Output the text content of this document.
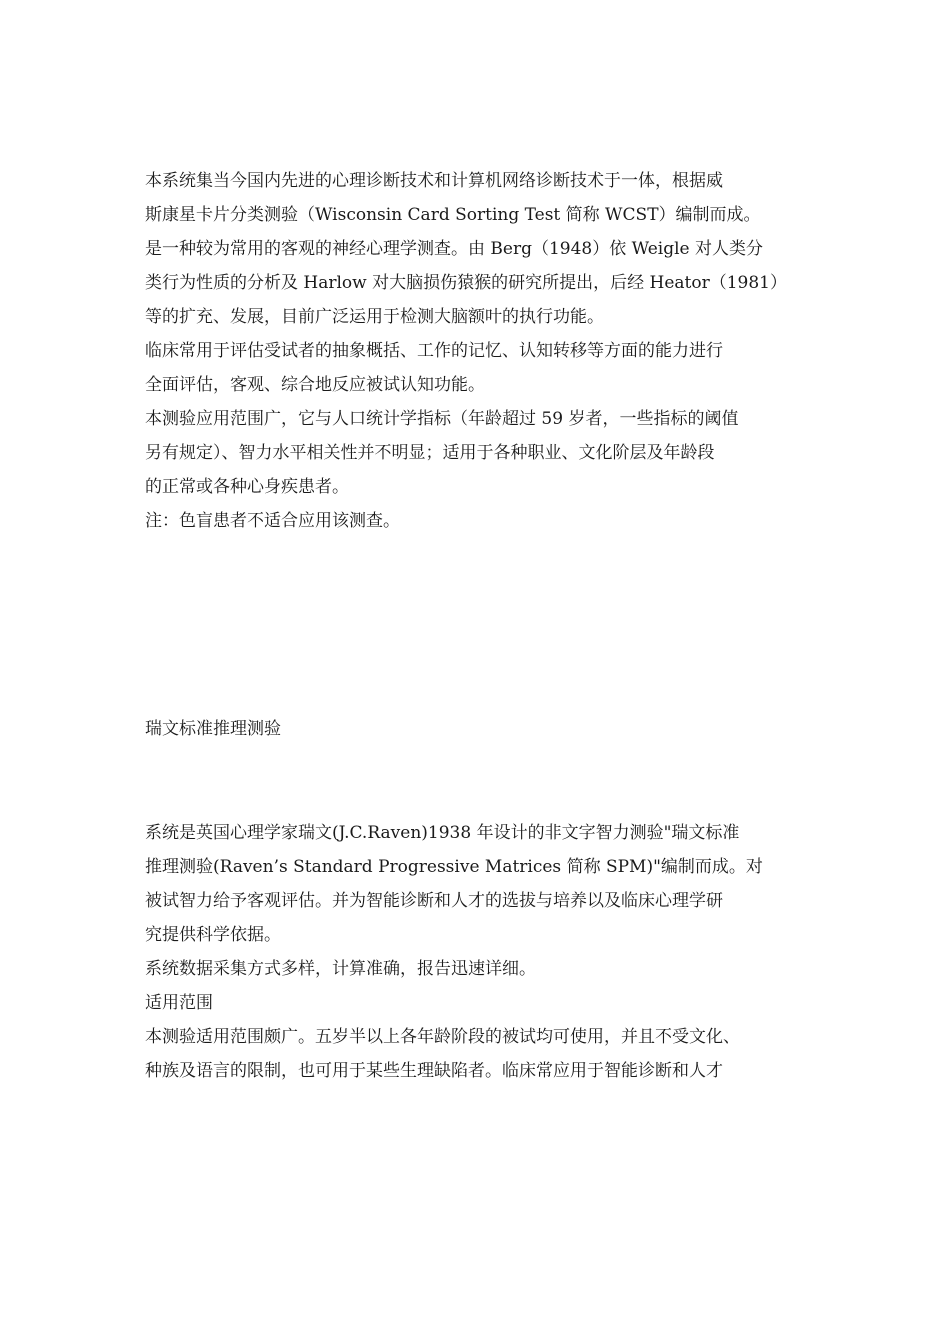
本系统集当今国内先进的心理诊断技术和计算机网络诊断技术于一体，根据威
斯康星卡片分类测验（Wisconsin Card Sorting Test 简称 WCST）编制而成。
是一种较为常用的客观的神经心理学测查。由 Berg（1948）依 Weigle 对人类分
类行为性质的分析及 Harlow 对大脑损伤猿猴的研究所提出，后经 Heator（1981）
等的扩充、发展，目前广泛运用于检测大脑额叶的执行功能。
临床常用于评估受试者的抽象概括、工作的记忆、认知转移等方面的能力进行
全面评估，客观、综合地反应被试认知功能。
本测验应用范围广，它与人口统计学指标（年龄超过 59 岁者，一些指标的阈值
另有规定）、智力水平相关性并不明显；适用于各种职业、文化阶层及年龄段
的正常或各种心身疾患者。
注：色盲患者不适合应用该测查。
瑞文标准推理测验
系统是英国心理学家瑞文(J.C.Raven)1938 年设计的非文字智力测验"瑞文标准
推理测验(Raven’s Standard Progressive Matrices 简称 SPM)"编制而成。对
被试智力给予客观评估。并为智能诊断和人才的选拔与培养以及临床心理学研
究提供科学依据。
系统数据采集方式多样，计算准确，报告迅速详细。
适用范围
本测验适用范围颇广。五岁半以上各年龄阶段的被试均可使用，并且不受文化、
种族及语言的限制，也可用于某些生理缺陷者。临床常应用于智能诊断和人才
